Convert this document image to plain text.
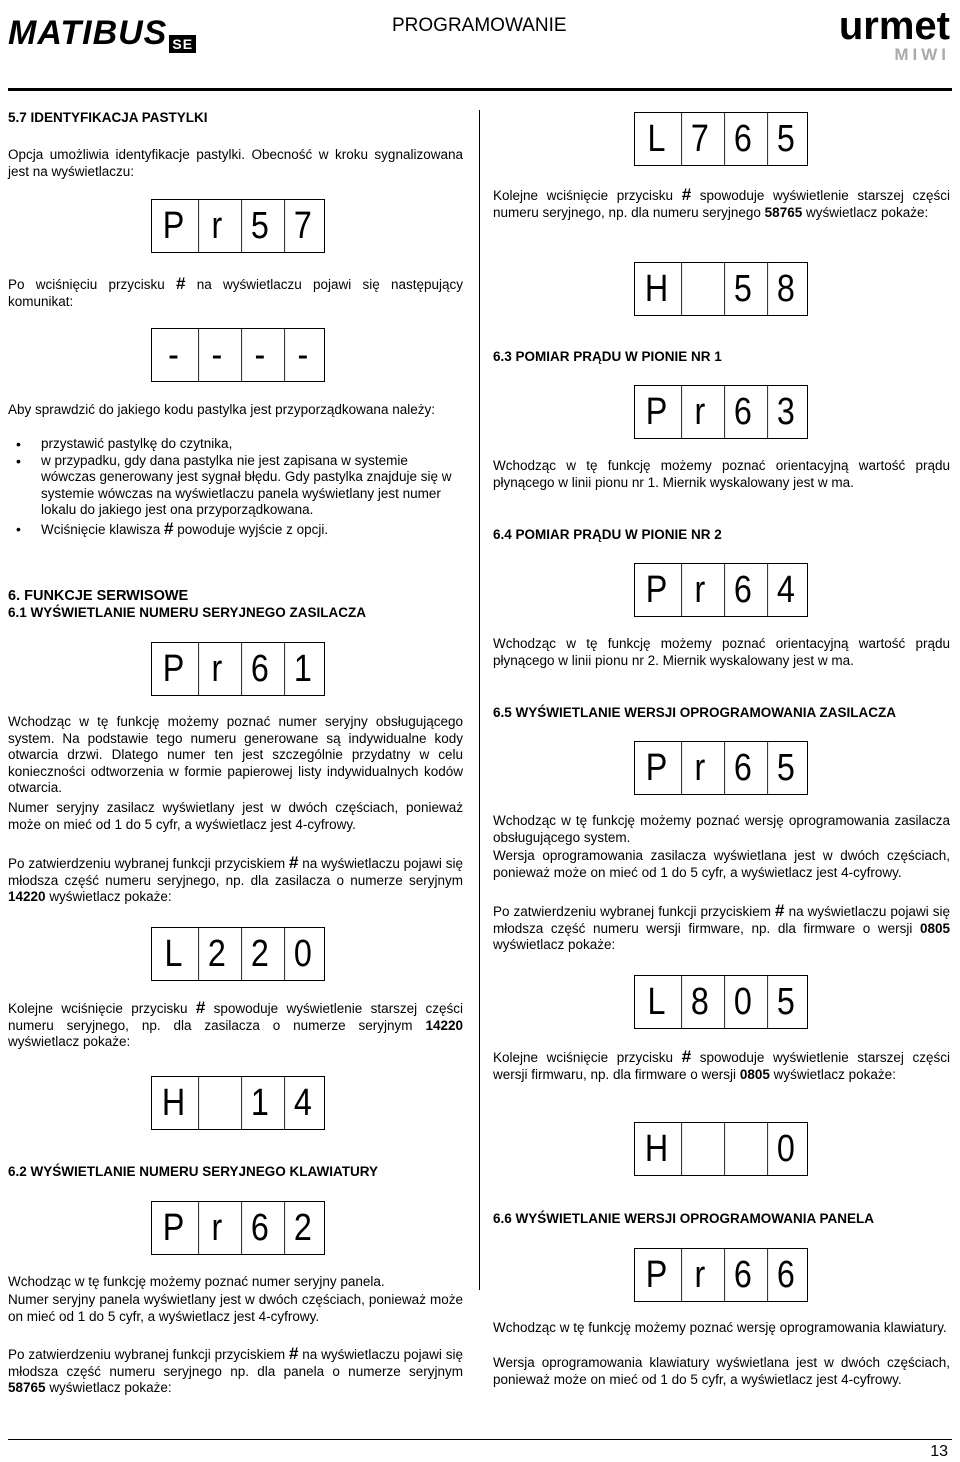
MATIBUS SE
PROGRAMOWANIE	urmet
MIWI
13
5.7 IDENTYFIKACJA PASTYLKI
Opcja umożliwia identyfikacje pastylki. Obecność w kroku sygnalizowana jest na wyświetlaczu:
P r 5 7
Po wciśnięciu przycisku # na wyświetlaczu pojawi się następujący komunikat:
- - - -
Aby sprawdzić do jakiego kodu pastylka jest przyporządkowana należy:
• przystawić pastylkę do czytnika,
• w przypadku, gdy dana pastylka nie jest zapisana w systemie wówczas generowany jest sygnał błędu. Gdy pastylka znajduje się w systemie wówczas na wyświetlaczu panela wyświetlany jest numer lokalu do jakiego jest ona przyporządkowana.
• Wciśnięcie klawisza # powoduje wyjście z opcji.
6. FUNKCJE SERWISOWE
6.1 WYŚWIETLANIE NUMERU SERYJNEGO ZASILACZA
P r 6 1
Wchodząc w tę funkcję możemy poznać numer seryjny obsługującego system. Na podstawie tego numeru generowane są indywidualne kody otwarcia drzwi. Dlatego numer ten jest szczególnie przydatny w celu konieczności odtworzenia w formie papierowej listy indywidualnych kodów otwarcia.
Numer seryjny zasilacz wyświetlany jest w dwóch częściach, ponieważ może on mieć od 1 do 5 cyfr, a wyświetlacz jest 4-cyfrowy.
Po zatwierdzeniu wybranej funkcji przyciskiem # na wyświetlaczu pojawi się młodsza część numeru seryjnego, np. dla zasilacza o numerze seryjnym 14220 wyświetlacz pokaże:
L 2 2 0
Kolejne wciśnięcie przycisku # spowoduje wyświetlenie starszej części numeru seryjnego, np. dla zasilacza o numerze seryjnym 14220 wyświetlacz pokaże:
H 1 4
6.2 WYŚWIETLANIE NUMERU SERYJNEGO KLAWIATURY
P r 6 2
Wchodząc w tę funkcję możemy poznać numer seryjny panela.
Numer seryjny panela wyświetlany jest w dwóch częściach, ponieważ może on mieć od 1 do 5 cyfr, a wyświetlacz jest 4-cyfrowy.
Po zatwierdzeniu wybranej funkcji przyciskiem # na wyświetlaczu pojawi się młodsza część numeru seryjnego np. dla panela o numerze seryjnym 58765 wyświetlacz pokaże:
L 7 6 5
Kolejne wciśnięcie przycisku # spowoduje wyświetlenie starszej części numeru seryjnego, np. dla numeru seryjnego 58765 wyświetlacz pokaże:
H 5 8
6.3 POMIAR PRĄDU W PIONIE NR 1
P r 6 3
Wchodząc w tę funkcję możemy poznać orientacyjną wartość prądu płynącego w linii pionu nr 1. Miernik wyskalowany jest w ma.
6.4 POMIAR PRĄDU W PIONIE NR 2
P r 6 4
Wchodząc w tę funkcję możemy poznać orientacyjną wartość prądu płynącego w linii pionu nr 2. Miernik wyskalowany jest w ma.
6.5 WYŚWIETLANIE WERSJI OPROGRAMOWANIA ZASILACZA
P r 6 5
Wchodząc w tę funkcję możemy poznać wersję oprogramowania zasilacza obsługującego system.
Wersja oprogramowania zasilacza wyświetlana jest w dwóch częściach, ponieważ może on mieć od 1 do 5 cyfr, a wyświetlacz jest 4-cyfrowy.
Po zatwierdzeniu wybranej funkcji przyciskiem # na wyświetlaczu pojawi się młodsza część numeru wersji firmware, np. dla firmware o wersji 0805 wyświetlacz pokaże:
L 8 0 5
Kolejne wciśnięcie przycisku # spowoduje wyświetlenie starszej części wersji firmwaru, np. dla firmware o wersji 0805 wyświetlacz pokaże:
H	0
6.6 WYŚWIETLANIE WERSJI OPROGRAMOWANIA PANELA
P r 6 6
Wchodząc w tę funkcję możemy poznać wersję oprogramowania klawiatury.
Wersja oprogramowania klawiatury wyświetlana jest w dwóch częściach, ponieważ może on mieć od 1 do 5 cyfr, a wyświetlacz jest 4-cyfrowy.
